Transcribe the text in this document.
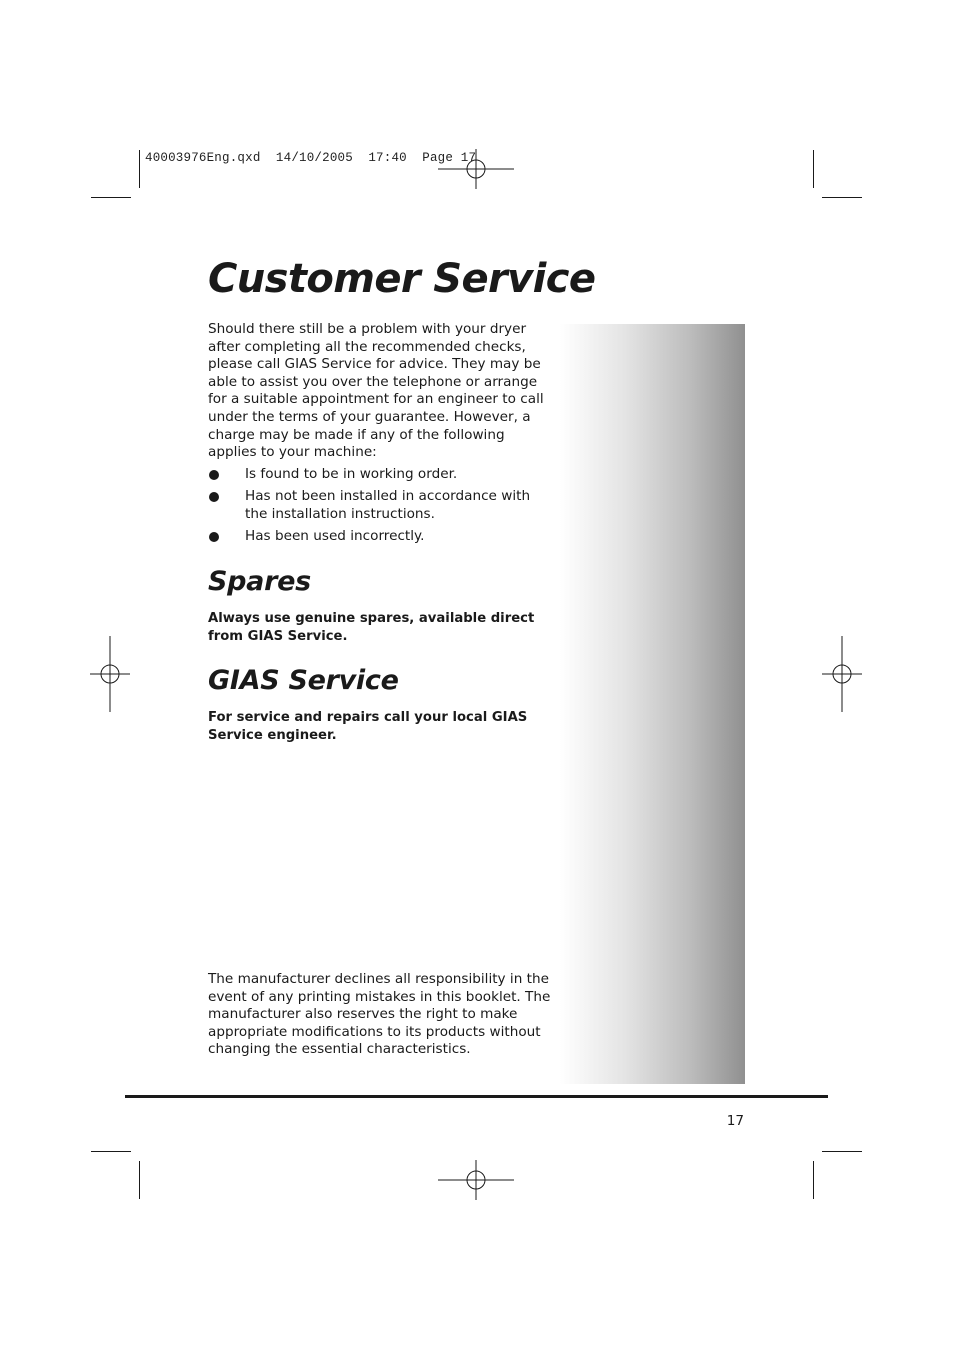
40003976Eng.qxd  14/10/2005  17:40  Page 17
Customer Service

Should there still be a problem with your dryer after completing all the recommended checks, please call GIAS Service for advice. They may be able to assist you over the telephone or arrange for a suitable appointment for an engineer to call under the terms of your guarantee. However, a charge may be made if any of the following applies to your machine:

Is found to be in working order.
Has not been installed in accordance with the installation instructions.
Has been used incorrectly.
Spares

Always use genuine spares, available direct from GIAS Service.

GIAS Service

For service and repairs call your local GIAS Service engineer.

The manufacturer declines all responsibility in the event of any printing mistakes in this booklet. The manufacturer also reserves the right to make appropriate modifications to its products without changing the essential characteristics.

17
